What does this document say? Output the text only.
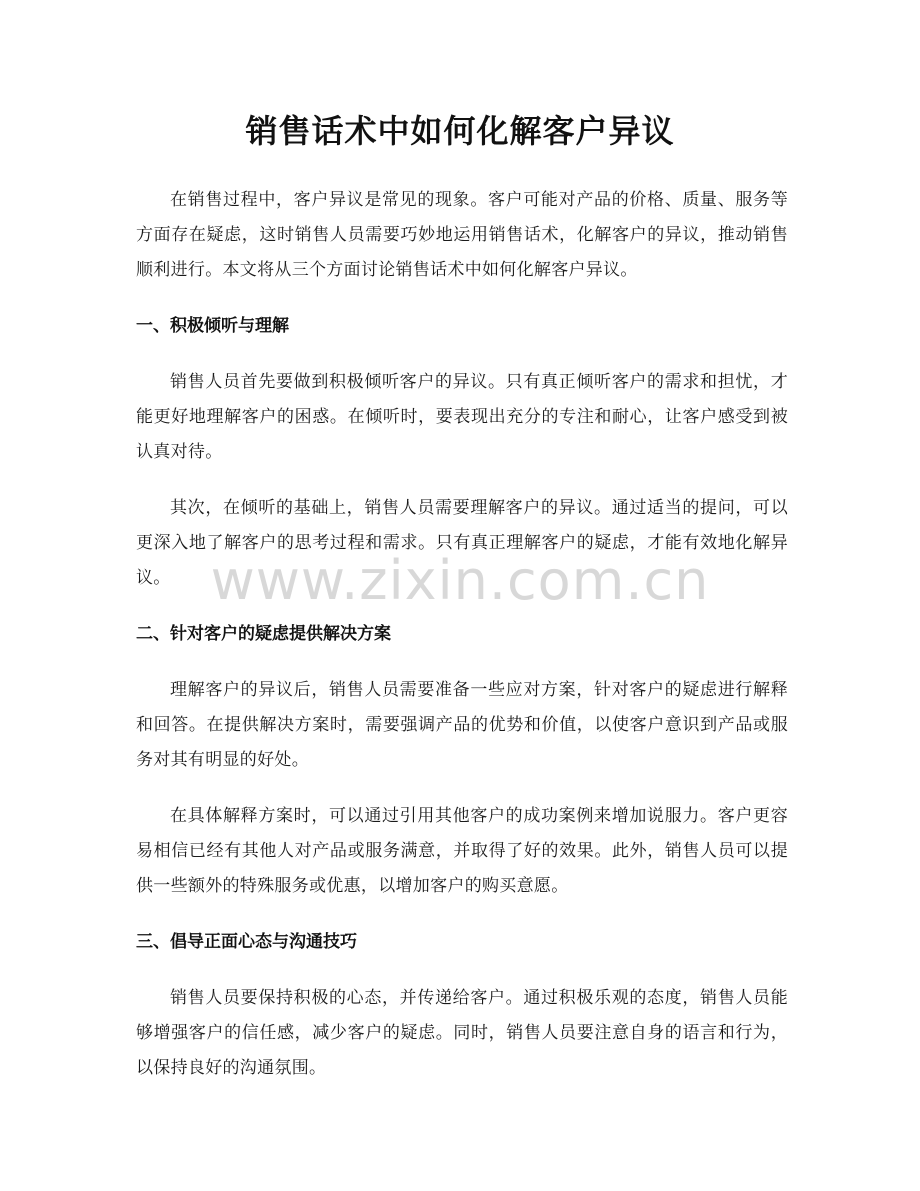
销售话术中如何化解客户异议

在销售过程中，客户异议是常见的现象。客户可能对产品的价格、质量、服务等方面存在疑虑，这时销售人员需要巧妙地运用销售话术，化解客户的异议，推动销售顺利进行。本文将从三个方面讨论销售话术中如何化解客户异议。

一、积极倾听与理解

销售人员首先要做到积极倾听客户的异议。只有真正倾听客户的需求和担忧，才能更好地理解客户的困惑。在倾听时，要表现出充分的专注和耐心，让客户感受到被认真对待。

其次，在倾听的基础上，销售人员需要理解客户的异议。通过适当的提问，可以更深入地了解客户的思考过程和需求。只有真正理解客户的疑虑，才能有效地化解异议。

二、针对客户的疑虑提供解决方案

理解客户的异议后，销售人员需要准备一些应对方案，针对客户的疑虑进行解释和回答。在提供解决方案时，需要强调产品的优势和价值，以使客户意识到产品或服务对其有明显的好处。

在具体解释方案时，可以通过引用其他客户的成功案例来增加说服力。客户更容易相信已经有其他人对产品或服务满意，并取得了好的效果。此外，销售人员可以提供一些额外的特殊服务或优惠，以增加客户的购买意愿。

三、倡导正面心态与沟通技巧

销售人员要保持积极的心态，并传递给客户。通过积极乐观的态度，销售人员能够增强客户的信任感，减少客户的疑虑。同时，销售人员要注意自身的语言和行为，以保持良好的沟通氛围。

www.zixin.com.cn
